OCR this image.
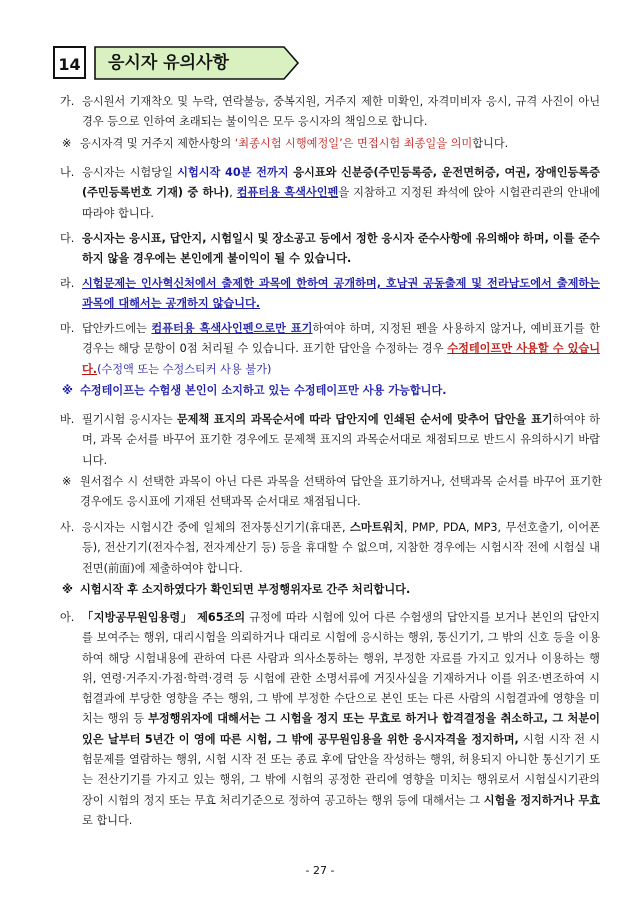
14	응시자 유의사항
가. 응시원서 기재착오 및 누락, 연락불능, 중복지원, 거주지 제한 미확인, 자격미비자 응시, 규격 사진이 아닌 경우 등으로 인하여 초래되는 불이익은 모두 응시자의 책임으로 합니다.
※ 응시자격 및 거주지 제한사항의 ‘최종시험 시행예정일’은 면접시험 최종일을 의미합니다.
나. 응시자는 시험당일 시험시작 40분 전까지 응시표와 신분증(주민등록증, 운전면허증, 여권, 장애인등록증(주민등록번호 기재) 중 하나), 컴퓨터용 흑색사인펜을 지참하고 지정된 좌석에 앉아 시험관리관의 안내에 따라야 합니다.
다. 응시자는 응시표, 답안지, 시험일시 및 장소공고 등에서 정한 응시자 준수사항에 유의해야 하며, 이를 준수하지 않을 경우에는 본인에게 불이익이 될 수 있습니다.
라. 시험문제는 인사혁신처에서 출제한 과목에 한하여 공개하며, 호남권 공동출제 및 전라남도에서 출제하는 과목에 대해서는 공개하지 않습니다.
마. 답안카드에는 컴퓨터용 흑색사인펜으로만 표기하여야 하며, 지정된 펜을 사용하지 않거나, 예비표기를 한 경우는 해당 문항이 0점 처리될 수 있습니다. 표기한 답안을 수정하는 경우 수정테이프만 사용할 수 있습니다.(수정액 또는 수정스티커 사용 불가)
※ 수정테이프는 수험생 본인이 소지하고 있는 수정테이프만 사용 가능합니다.
바. 필기시험 응시자는 문제책 표지의 과목순서에 따라 답안지에 인쇄된 순서에 맞추어 답안을 표기하여야 하며, 과목 순서를 바꾸어 표기한 경우에도 문제책 표지의 과목순서대로 채점되므로 반드시 유의하시기 바랍니다.
※ 원서접수 시 선택한 과목이 아닌 다른 과목을 선택하여 답안을 표기하거나, 선택과목 순서를 바꾸어 표기한 경우에도 응시표에 기재된 선택과목 순서대로 채점됩니다.
사. 응시자는 시험시간 중에 일체의 전자통신기기(휴대폰, 스마트워치, PMP, PDA, MP3, 무선호출기, 이어폰 등), 전산기기(전자수첩, 전자계산기 등) 등을 휴대할 수 없으며, 지참한 경우에는 시험시작 전에 시험실 내 전면(前面)에 제출하여야 합니다.
※ 시험시작 후 소지하였다가 확인되면 부정행위자로 간주 처리합니다.
아. 「지방공무원임용령」 제65조의 규정에 따라 시험에 있어 다른 수험생의 답안지를 보거나 본인의 답안지를 보여주는 행위, 대리시험을 의뢰하거나 대리로 시험에 응시하는 행위, 통신기기, 그 밖의 신호 등을 이용하여 해당 시험내용에 관하여 다른 사람과 의사소통하는 행위, 부정한 자료를 가지고 있거나 이용하는 행위, 연령·거주지·가점·학력·경력 등 시험에 관한 소명서류에 거짓사실을 기재하거나 이를 위조·변조하여 시험결과에 부당한 영향을 주는 행위, 그 밖에 부정한 수단으로 본인 또는 다른 사람의 시험결과에 영향을 미치는 행위 등 부정행위자에 대해서는 그 시험을 정지 또는 무효로 하거나 합격결정을 취소하고, 그 처분이 있은 날부터 5년간 이 영에 따른 시험, 그 밖에 공무원임용을 위한 응시자격을 정지하며, 시험 시작 전 시험문제를 열람하는 행위, 시험 시작 전 또는 종료 후에 답안을 작성하는 행위, 허용되지 아니한 통신기기 또는 전산기기를 가지고 있는 행위, 그 밖에 시험의 공정한 관리에 영향을 미치는 행위로서 시험실시기관의 장이 시험의 정지 또는 무효 처리기준으로 정하여 공고하는 행위 등에 대해서는 그 시험을 정지하거나 무효로 합니다.
- 27 -
